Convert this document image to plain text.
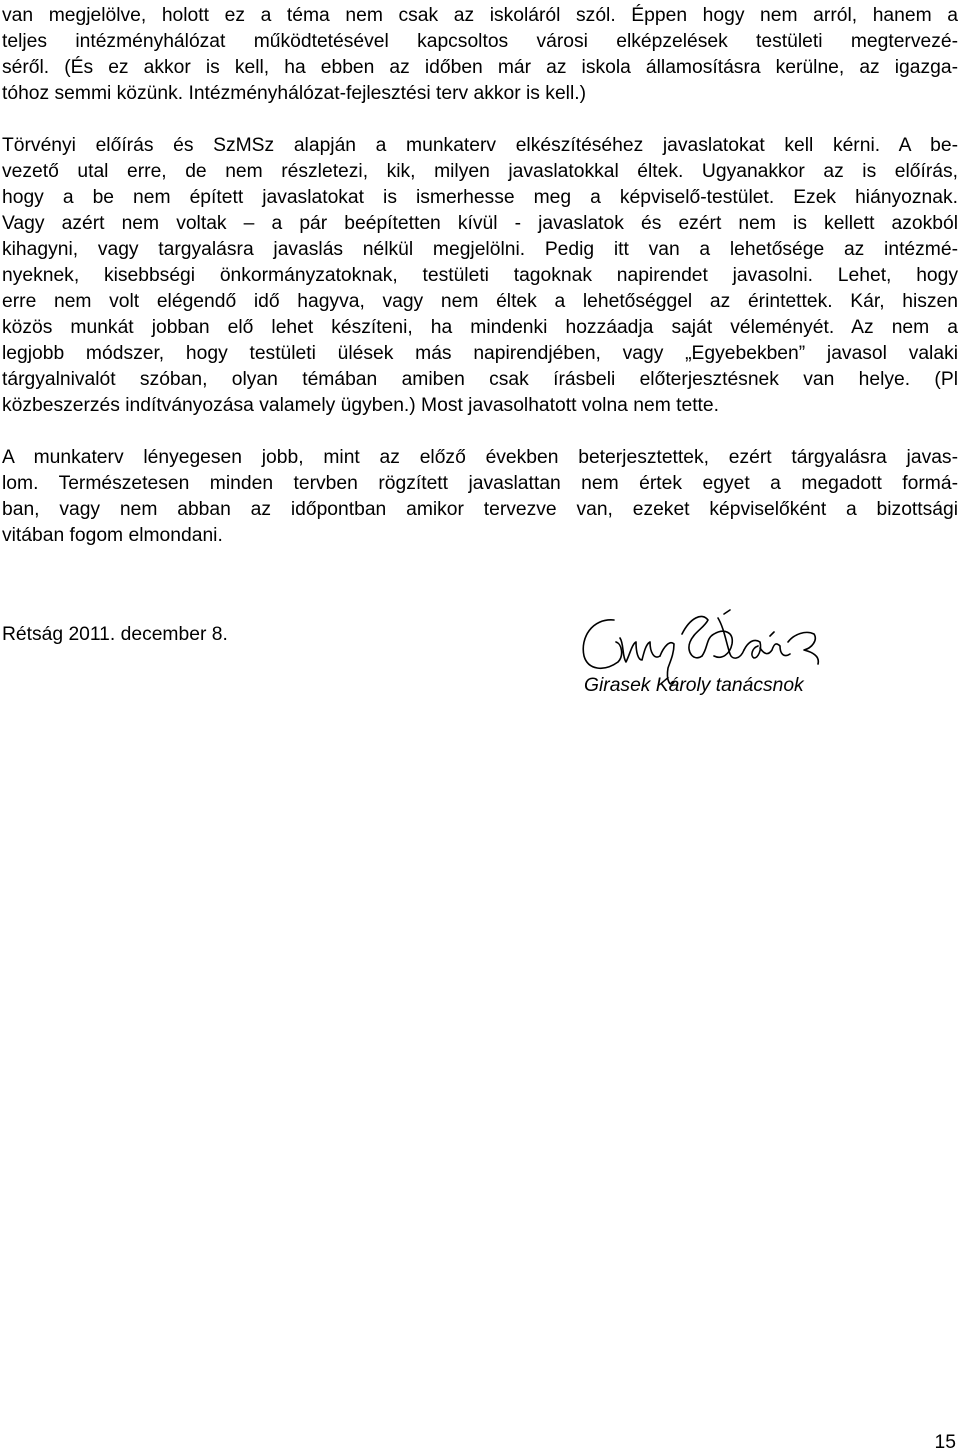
van megjelölve, holott ez a téma nem csak az iskoláról szól. Éppen hogy nem arról, hanem a
teljes intézményhálózat működtetésével kapcsoltos városi elképzelések testületi megtervezé-
séről. (És ez akkor is kell, ha ebben az időben már az iskola államosításra kerülne, az igazga-
tóhoz semmi közünk. Intézményhálózat-fejlesztési terv akkor is kell.)
Törvényi előírás és SzMSz alapján a munkaterv elkészítéséhez javaslatokat kell kérni. A be-
vezető utal erre, de nem részletezi, kik, milyen javaslatokkal éltek. Ugyanakkor az is előírás,
hogy a be nem épített javaslatokat is ismerhesse meg a képviselő-testület. Ezek hiányoznak.
Vagy azért nem voltak – a pár beépítetten kívül - javaslatok és ezért nem is kellett azokból
kihagyni, vagy targyalásra javaslás nélkül megjelölni. Pedig itt van a lehetősége az intézmé-
nyeknek, kisebbségi önkormányzatoknak, testületi tagoknak napirendet javasolni. Lehet, hogy
erre nem volt elégendő idő hagyva, vagy nem éltek a lehetőséggel az érintettek. Kár, hiszen
közös munkát jobban elő lehet készíteni, ha mindenki hozzáadja saját véleményét. Az nem a
legjobb módszer, hogy testületi ülések más napirendjében, vagy „Egyebekben” javasol valaki
tárgyalnivalót szóban, olyan témában amiben csak írásbeli előterjesztésnek van helye. (Pl
közbeszerzés indítványozása valamely ügyben.) Most javasolhatott volna nem tette.
A munkaterv lényegesen jobb, mint az előző években beterjesztettek, ezért tárgyalásra javas-
lom. Természetesen minden tervben rögzített javaslattan nem értek egyet a megadott formá-
ban, vagy nem abban az időpontban amikor tervezve van, ezeket képviselőként a bizottsági
vitában fogom elmondani.
Rétság 2011. december 8.
Girasek Károly tanácsnok
15
